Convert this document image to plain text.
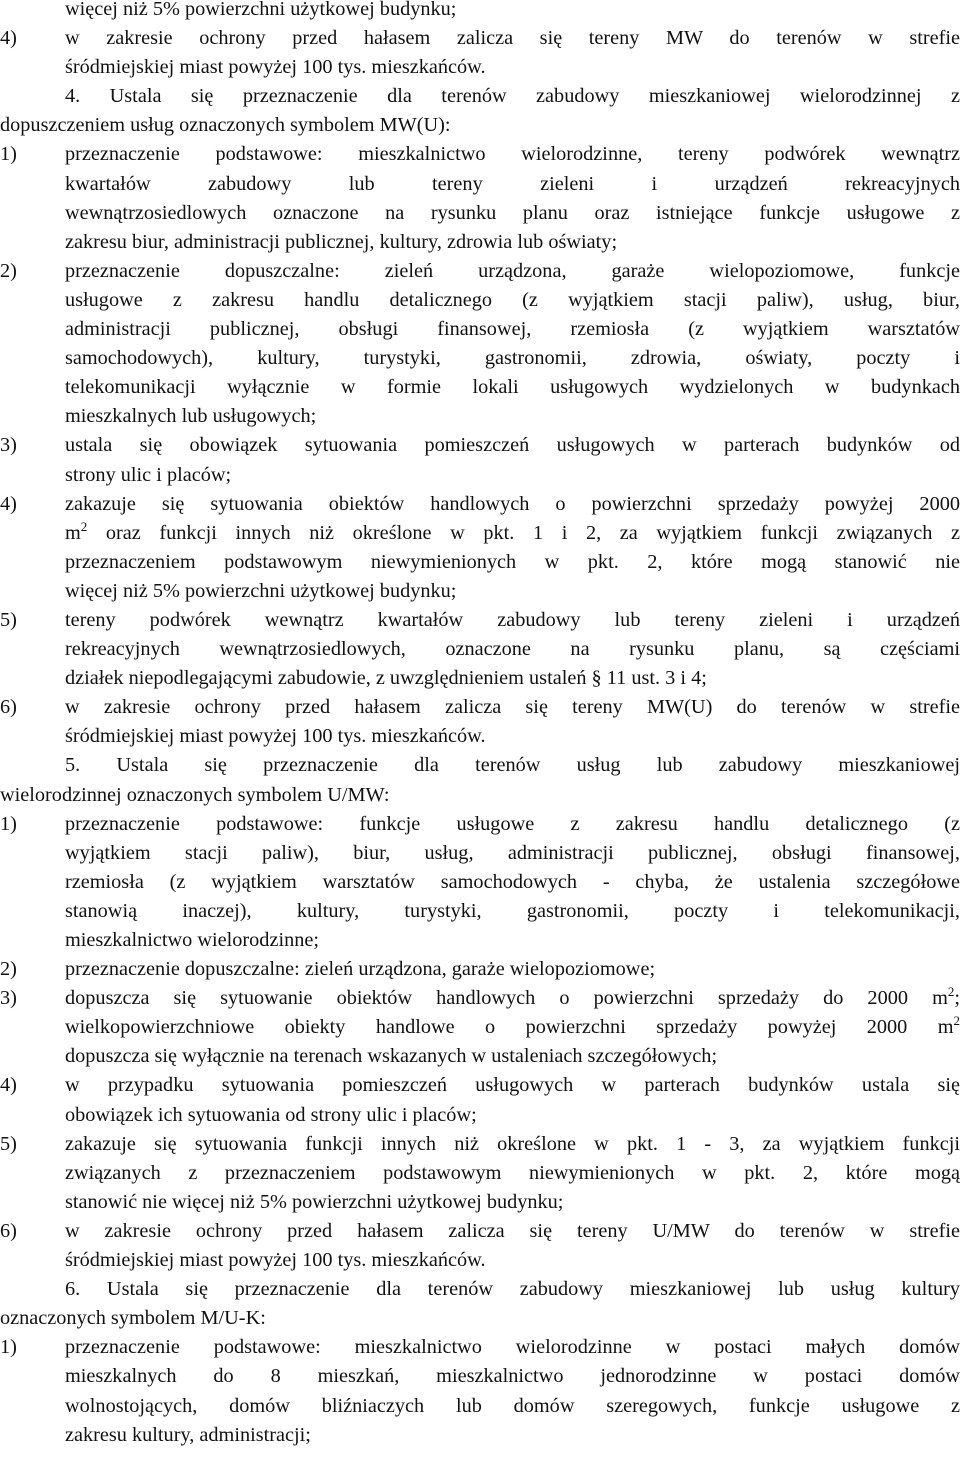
więcej niż 5% powierzchni użytkowej budynku;
4)	w zakresie ochrony przed hałasem zalicza się tereny MW do terenów w strefie
śródmiejskiej miast powyżej 100 tys. mieszkańców.
4. Ustala się przeznaczenie dla terenów zabudowy mieszkaniowej wielorodzinnej z
dopuszczeniem usług oznaczonych symbolem MW(U):
1)	przeznaczenie podstawowe: mieszkalnictwo wielorodzinne, tereny podwórek wewnątrz
kwartałów zabudowy lub tereny zieleni i urządzeń rekreacyjnych
wewnątrzosiedlowych oznaczone na rysunku planu oraz istniejące funkcje usługowe z
zakresu biur, administracji publicznej, kultury, zdrowia lub oświaty;
2)	przeznaczenie dopuszczalne: zieleń urządzona, garaże wielopoziomowe, funkcje
usługowe z zakresu handlu detalicznego (z wyjątkiem stacji paliw), usług, biur,
administracji publicznej, obsługi finansowej, rzemiosła (z wyjątkiem warsztatów
samochodowych), kultury, turystyki, gastronomii, zdrowia, oświaty, poczty i
telekomunikacji wyłącznie w formie lokali usługowych wydzielonych w budynkach
mieszkalnych lub usługowych;
3)	ustala się obowiązek sytuowania pomieszczeń usługowych w parterach budynków od
strony ulic i placów;
4)	zakazuje się sytuowania obiektów handlowych o powierzchni sprzedaży powyżej 2000
$m^2$ oraz funkcji innych niż określone w pkt. 1 i 2, za wyjątkiem funkcji związanych z
przeznaczeniem podstawowym niewymienionych w pkt. 2, które mogą stanowić nie
więcej niż 5% powierzchni użytkowej budynku;
5)	tereny podwórek wewnątrz kwartałów zabudowy lub tereny zieleni i urządzeń
rekreacyjnych wewnątrzosiedlowych, oznaczone na rysunku planu, są częściami
działek niepodlegającymi zabudowie, z uwzględnieniem ustaleń § 11 ust. 3 i 4;
6)	w zakresie ochrony przed hałasem zalicza się tereny MW(U) do terenów w strefie
śródmiejskiej miast powyżej 100 tys. mieszkańców.
5. Ustala się przeznaczenie dla terenów usług lub zabudowy mieszkaniowej
wielorodzinnej oznaczonych symbolem U/MW:
1)	przeznaczenie podstawowe: funkcje usługowe z zakresu handlu detalicznego (z
wyjątkiem stacji paliw), biur, usług, administracji publicznej, obsługi finansowej,
rzemiosła (z wyjątkiem warsztatów samochodowych - chyba, że ustalenia szczegółowe
stanowią inaczej), kultury, turystyki, gastronomii, poczty i telekomunikacji,
mieszkalnictwo wielorodzinne;
2)	przeznaczenie dopuszczalne: zieleń urządzona, garaże wielopoziomowe;
3)	dopuszcza się sytuowanie obiektów handlowych o powierzchni sprzedaży do 2000 $m^2$;
wielkopowierzchniowe obiekty handlowe o powierzchni sprzedaży powyżej 2000 $m^2$
dopuszcza się wyłącznie na terenach wskazanych w ustaleniach szczegółowych;
4)	w przypadku sytuowania pomieszczeń usługowych w parterach budynków ustala się
obowiązek ich sytuowania od strony ulic i placów;
5)	zakazuje się sytuowania funkcji innych niż określone w pkt. 1 - 3, za wyjątkiem funkcji
związanych z przeznaczeniem podstawowym niewymienionych w pkt. 2, które mogą
stanowić nie więcej niż 5% powierzchni użytkowej budynku;
6)	w zakresie ochrony przed hałasem zalicza się tereny U/MW do terenów w strefie
śródmiejskiej miast powyżej 100 tys. mieszkańców.
6. Ustala się przeznaczenie dla terenów zabudowy mieszkaniowej lub usług kultury
oznaczonych symbolem M/U-K:
1)	przeznaczenie podstawowe: mieszkalnictwo wielorodzinne w postaci małych domów
mieszkalnych do 8 mieszkań, mieszkalnictwo jednorodzinne w postaci domów
wolnostojących, domów bliźniaczych lub domów szeregowych, funkcje usługowe z
zakresu kultury, administracji;
